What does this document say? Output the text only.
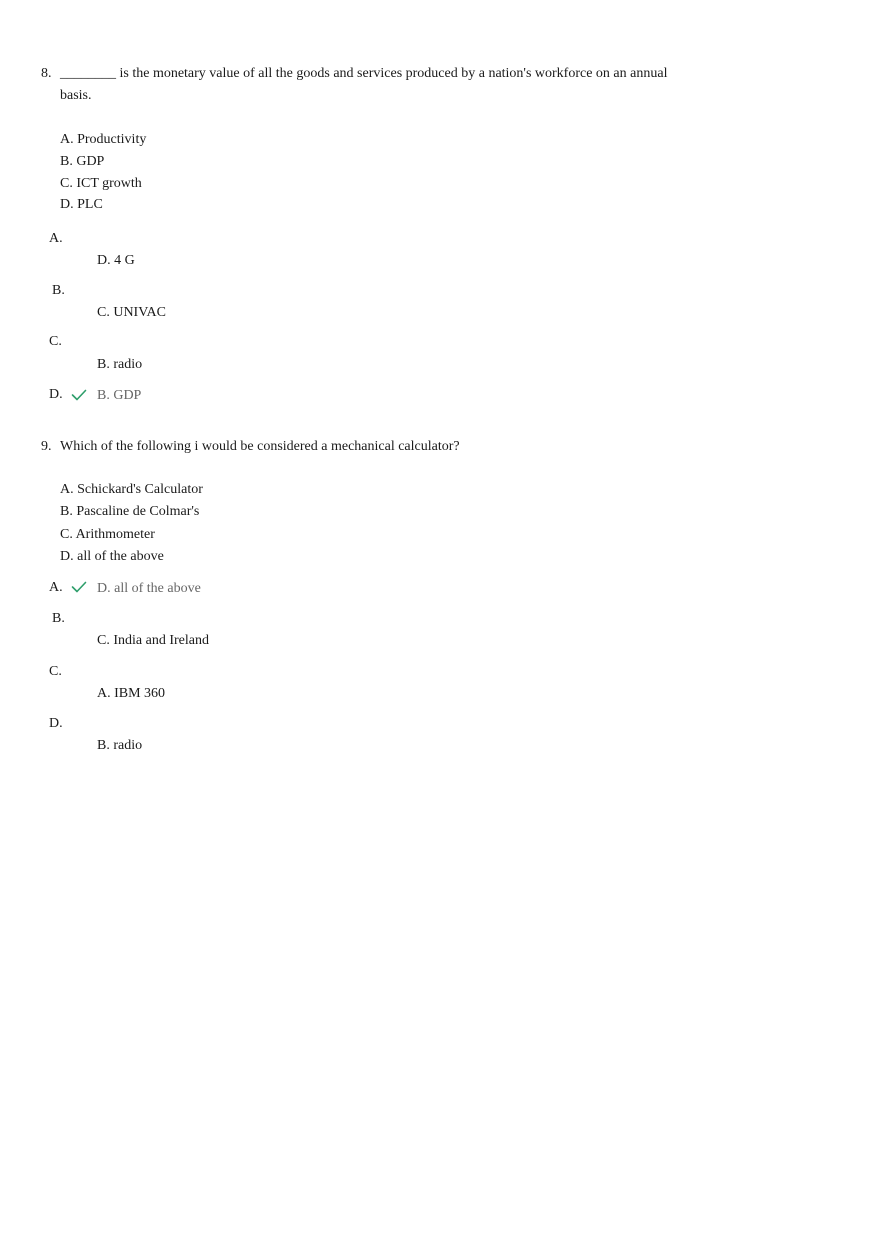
8. ________ is the monetary value of all the goods and services produced by a nation's workforce on an annual
basis.
A. Productivity
B. GDP
C. ICT growth
D. PLC
A.
D. 4 G
B.
C. UNIVAC
C.
B. radio
D. B. GDP
9. Which of the following i would be considered a mechanical calculator?
A. Schickard's Calculator
B. Pascaline de Colmar's
C. Arithmometer
D. all of the above
A. D. all of the above
B.
C. India and Ireland
C.
A. IBM 360
D.
B. radio
